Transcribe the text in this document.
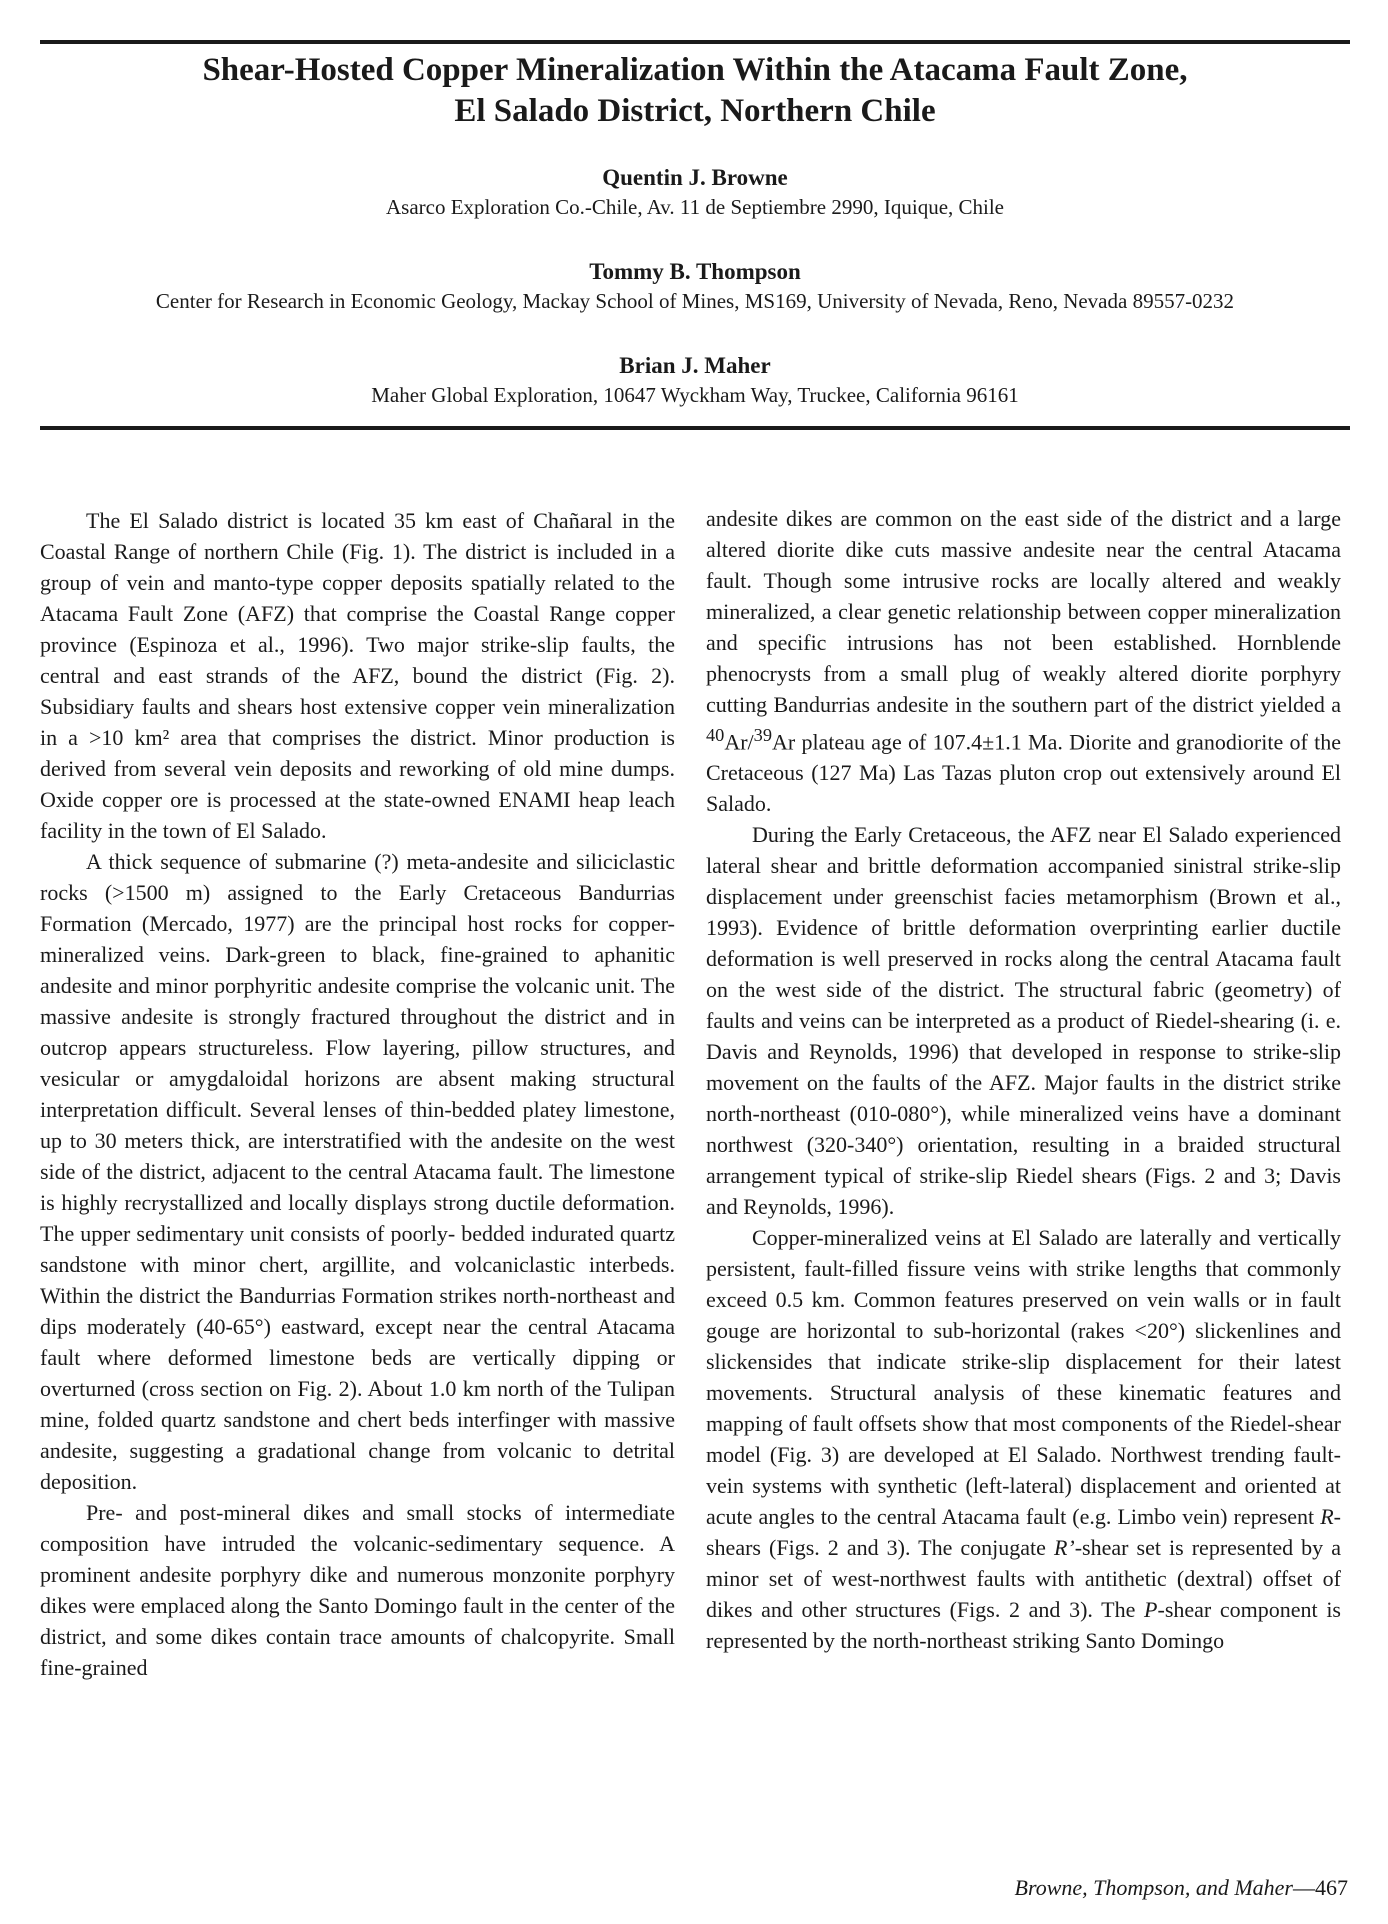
Shear-Hosted Copper Mineralization Within the Atacama Fault Zone,
El Salado District, Northern Chile
Quentin J. Browne
Asarco Exploration Co.-Chile, Av. 11 de Septiembre 2990, Iquique, Chile
Tommy B. Thompson
Center for Research in Economic Geology, Mackay School of Mines, MS169, University of Nevada, Reno, Nevada 89557-0232
Brian J. Maher
Maher Global Exploration, 10647 Wyckham Way, Truckee, California 96161

The El Salado district is located 35 km east of Chañaral in the Coastal Range of northern Chile (Fig. 1). The district is included in a group of vein and manto-type copper deposits spatially related to the Atacama Fault Zone (AFZ) that comprise the Coastal Range copper province (Espinoza et al., 1996). Two major strike-slip faults, the central and east strands of the AFZ, bound the district (Fig. 2). Subsidiary faults and shears host extensive copper vein mineralization in a >10 km² area that comprises the district. Minor production is derived from several vein deposits and reworking of old mine dumps. Oxide copper ore is processed at the state-owned ENAMI heap leach facility in the town of El Salado.

A thick sequence of submarine (?) meta-andesite and siliciclastic rocks (>1500 m) assigned to the Early Cretaceous Bandurrias Formation (Mercado, 1977) are the principal host rocks for copper-mineralized veins. Dark-green to black, fine-grained to aphanitic andesite and minor porphyritic andesite comprise the volcanic unit. The massive andesite is strongly fractured throughout the district and in outcrop appears structureless. Flow layering, pillow structures, and vesicular or amygdaloidal horizons are absent making structural interpretation difficult. Several lenses of thin-bedded platey limestone, up to 30 meters thick, are interstratified with the andesite on the west side of the district, adjacent to the central Atacama fault. The limestone is highly recrystallized and locally displays strong ductile deformation. The upper sedimentary unit consists of poorly- bedded indurated quartz sandstone with minor chert, argillite, and volcaniclastic interbeds. Within the district the Bandurrias Formation strikes north-northeast and dips moderately (40-65°) eastward, except near the central Atacama fault where deformed limestone beds are vertically dipping or overturned (cross section on Fig. 2). About 1.0 km north of the Tulipan mine, folded quartz sandstone and chert beds interfinger with massive andesite, suggesting a gradational change from volcanic to detrital deposition.

Pre- and post-mineral dikes and small stocks of intermediate composition have intruded the volcanic-sedimentary sequence. A prominent andesite porphyry dike and numerous monzonite porphyry dikes were emplaced along the Santo Domingo fault in the center of the district, and some dikes contain trace amounts of chalcopyrite. Small fine-grained

andesite dikes are common on the east side of the district and a large altered diorite dike cuts massive andesite near the central Atacama fault. Though some intrusive rocks are locally altered and weakly mineralized, a clear genetic relationship between copper mineralization and specific intrusions has not been established. Hornblende phenocrysts from a small plug of weakly altered diorite porphyry cutting Bandurrias andesite in the southern part of the district yielded a $^{40}$Ar/$^{39}$Ar plateau age of 107.4±1.1 Ma. Diorite and granodiorite of the Cretaceous (127 Ma) Las Tazas pluton crop out extensively around El Salado.

During the Early Cretaceous, the AFZ near El Salado experienced lateral shear and brittle deformation accompanied sinistral strike-slip displacement under greenschist facies metamorphism (Brown et al., 1993). Evidence of brittle deformation overprinting earlier ductile deformation is well preserved in rocks along the central Atacama fault on the west side of the district. The structural fabric (geometry) of faults and veins can be interpreted as a product of Riedel-shearing (i. e. Davis and Reynolds, 1996) that developed in response to strike-slip movement on the faults of the AFZ. Major faults in the district strike north-northeast (010-080°), while mineralized veins have a dominant northwest (320-340°) orientation, resulting in a braided structural arrangement typical of strike-slip Riedel shears (Figs. 2 and 3; Davis and Reynolds, 1996).

Copper-mineralized veins at El Salado are laterally and vertically persistent, fault-filled fissure veins with strike lengths that commonly exceed 0.5 km. Common features preserved on vein walls or in fault gouge are horizontal to sub-horizontal (rakes <20°) slickenlines and slickensides that indicate strike-slip displacement for their latest movements. Structural analysis of these kinematic features and mapping of fault offsets show that most components of the Riedel-shear model (Fig. 3) are developed at El Salado. Northwest trending fault-vein systems with synthetic (left-lateral) displacement and oriented at acute angles to the central Atacama fault (e.g. Limbo vein) represent R-shears (Figs. 2 and 3). The conjugate R’-shear set is represented by a minor set of west-northwest faults with antithetic (dextral) offset of dikes and other structures (Figs. 2 and 3). The P-shear component is represented by the north-northeast striking Santo Domingo

Browne, Thompson, and Maher—467
